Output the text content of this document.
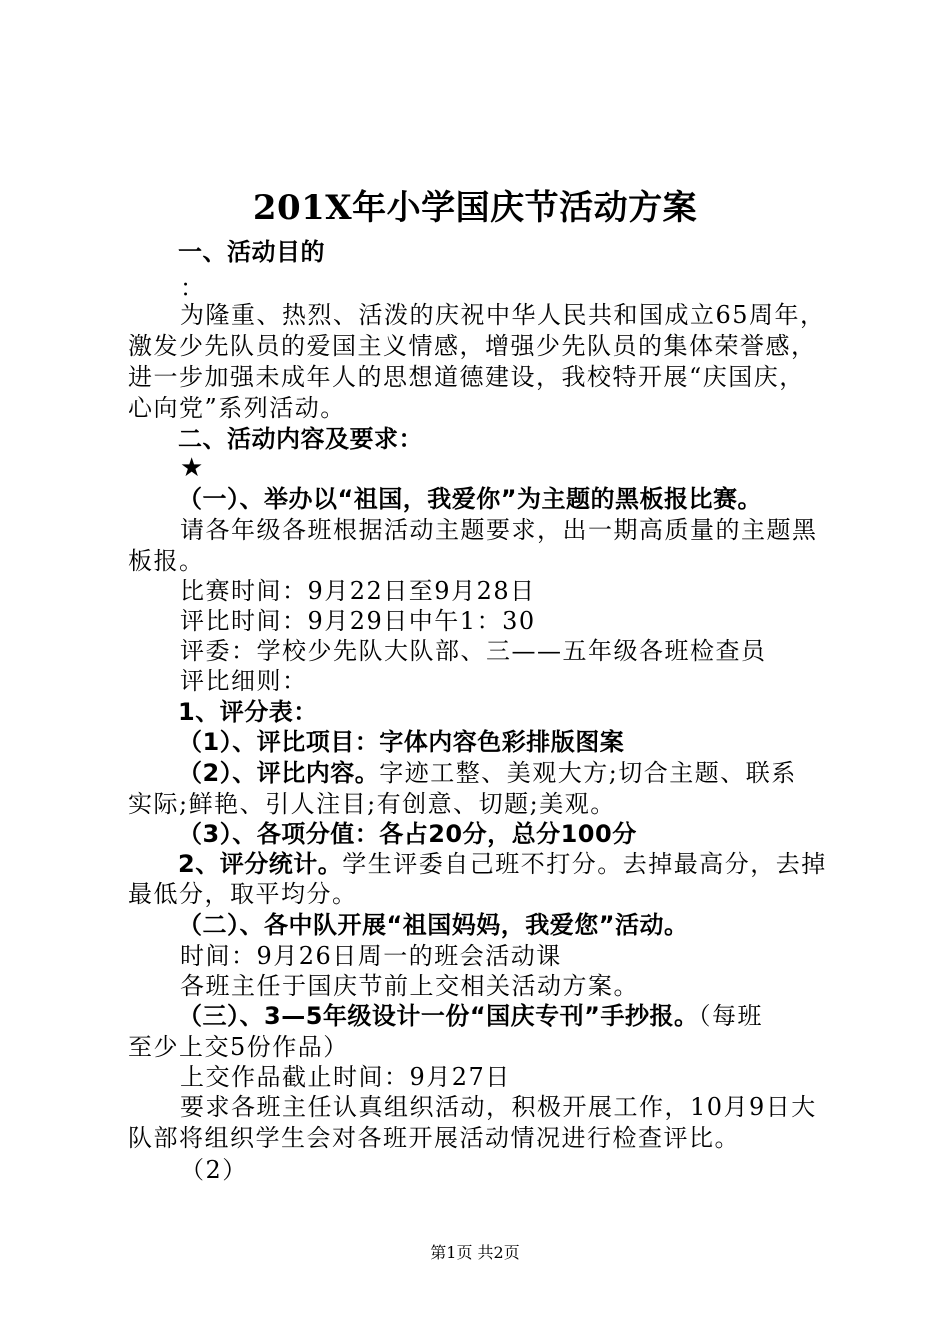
201X年小学国庆节活动方案
一、活动目的
：
为隆重、热烈、活泼的庆祝中华人民共和国成立65周年，
激发少先队员的爱国主义情感，增强少先队员的集体荣誉感，
进一步加强未成年人的思想道德建设，我校特开展“庆国庆，
心向党”系列活动。
二、活动内容及要求：
★
（一）、举办以“祖国，我爱你”为主题的黑板报比赛。
请各年级各班根据活动主题要求，出一期高质量的主题黑
板报。
比赛时间：9月22日至9月28日
评比时间：9月29日中午1：30
评委：学校少先队大队部、三——五年级各班检查员
评比细则：
1、评分表：
（1）、评比项目：字体内容色彩排版图案
（2）、评比内容。字迹工整、美观大方;切合主题、联系
实际;鲜艳、引人注目;有创意、切题;美观。
（3）、各项分值：各占20分，总分100分
2、评分统计。学生评委自己班不打分。去掉最高分，去掉
最低分，取平均分。
（二）、各中队开展“祖国妈妈，我爱您”活动。
时间：9月26日周一的班会活动课
各班主任于国庆节前上交相关活动方案。
（三）、3—5年级设计一份“国庆专刊”手抄报。（每班
至少上交5份作品）
上交作品截止时间：9月27日
要求各班主任认真组织活动，积极开展工作，10月9日大
队部将组织学生会对各班开展活动情况进行检查评比。
（2）
第1页 共2页
